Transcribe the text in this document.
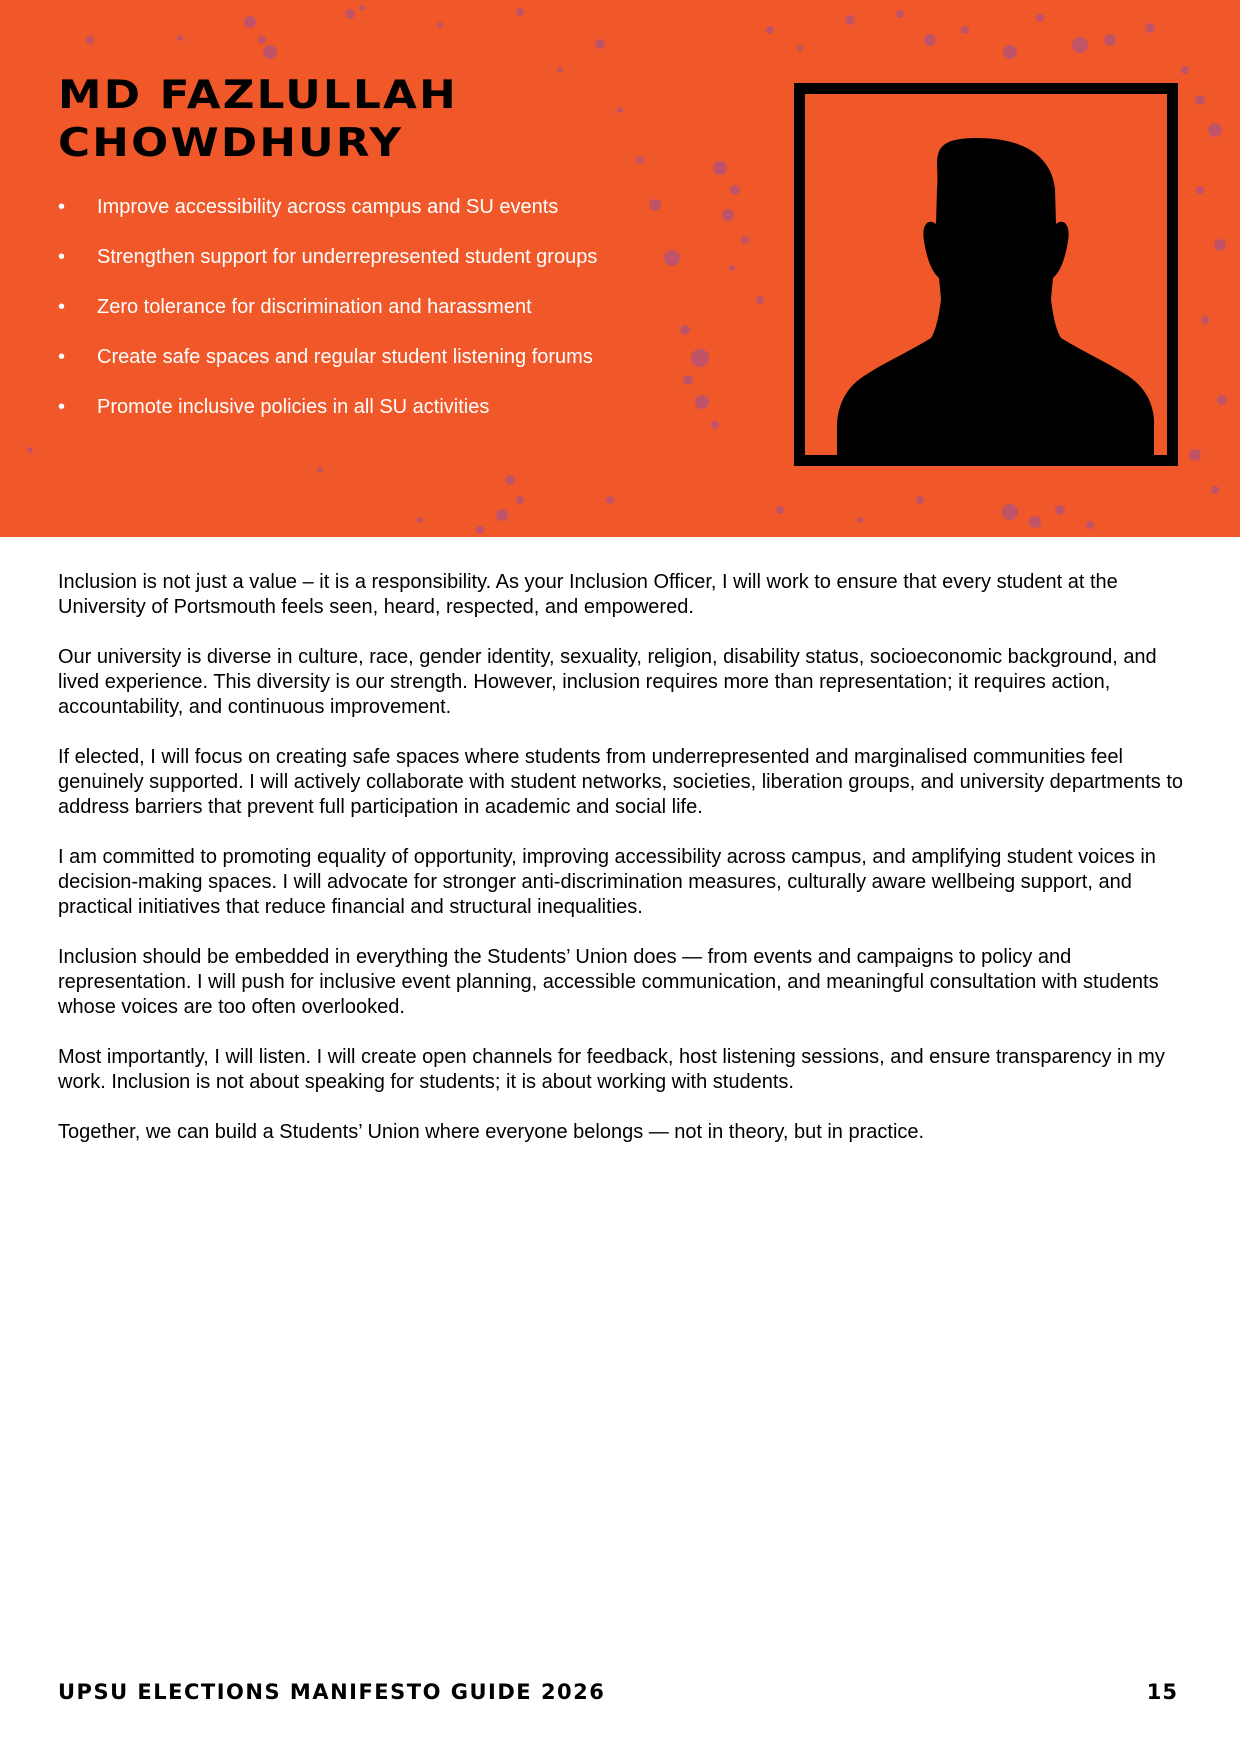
MD FAZLULLAH
CHOWDHURY
• Improve accessibility across campus and SU events
• Strengthen support for underrepresented student groups
• Zero tolerance for discrimination and harassment
• Create safe spaces and regular student listening forums
• Promote inclusive policies in all SU activities

Inclusion is not just a value – it is a responsibility. As your Inclusion Officer, I will work to ensure that every student at the University of Portsmouth feels seen, heard, respected, and empowered.

Our university is diverse in culture, race, gender identity, sexuality, religion, disability status, socioeconomic background, and lived experience. This diversity is our strength. However, inclusion requires more than representation; it requires action, accountability, and continuous improvement.

If elected, I will focus on creating safe spaces where students from underrepresented and marginalised communities feel genuinely supported. I will actively collaborate with student networks, societies, liberation groups, and university departments to address barriers that prevent full participation in academic and social life.

I am committed to promoting equality of opportunity, improving accessibility across campus, and amplifying student voices in decision-making spaces. I will advocate for stronger anti-discrimination measures, culturally aware wellbeing support, and practical initiatives that reduce financial and structural inequalities.

Inclusion should be embedded in everything the Students’ Union does — from events and campaigns to policy and representation. I will push for inclusive event planning, accessible communication, and meaningful consultation with students whose voices are too often overlooked.

Most importantly, I will listen. I will create open channels for feedback, host listening sessions, and ensure transparency in my work. Inclusion is not about speaking for students; it is about working with students.

Together, we can build a Students’ Union where everyone belongs — not in theory, but in practice.

UPSU ELECTIONS MANIFESTO GUIDE 2026	15
